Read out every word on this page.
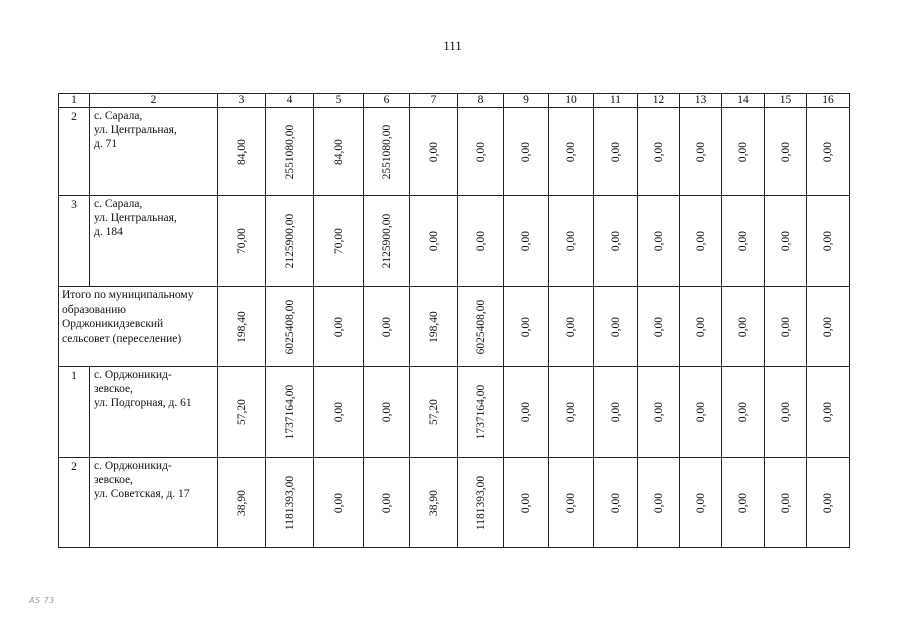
111
1	2	3	4	5	6	7	8	9	10	11	12	13	14	15	16
2	с. Сарала,
ул. Центральная,
д. 71	84,00	2551080,00	84,00	2551080,00	0,00	0,00	0,00	0,00	0,00	0,00	0,00	0,00	0,00	0,00

3	с. Сарала,
ул. Центральная,
д. 184	70,00	2125900,00	70,00	2125900,00	0,00	0,00	0,00	0,00	0,00	0,00	0,00	0,00	0,00	0,00

Итого по муниципальному
образованию
Орджоникидзевский
сельсовет (переселение)		198,40	6025408,00	0,00	0,00	198,40	6025408,00	0,00	0,00	0,00	0,00	0,00	0,00	0,00	0,00

1	с. Орджоникид-
зевское,
ул. Подгорная, д. 61	57,20	1737164,00	0,00	0,00	57,20	1737164,00	0,00	0,00	0,00	0,00	0,00	0,00	0,00	0,00

2	с. Орджоникид-
зевское,
ул. Советская, д. 17	38,90	1181393,00	0,00	0,00	38,90	1181393,00	0,00	0,00	0,00	0,00	0,00	0,00	0,00	0,00
AS 73
